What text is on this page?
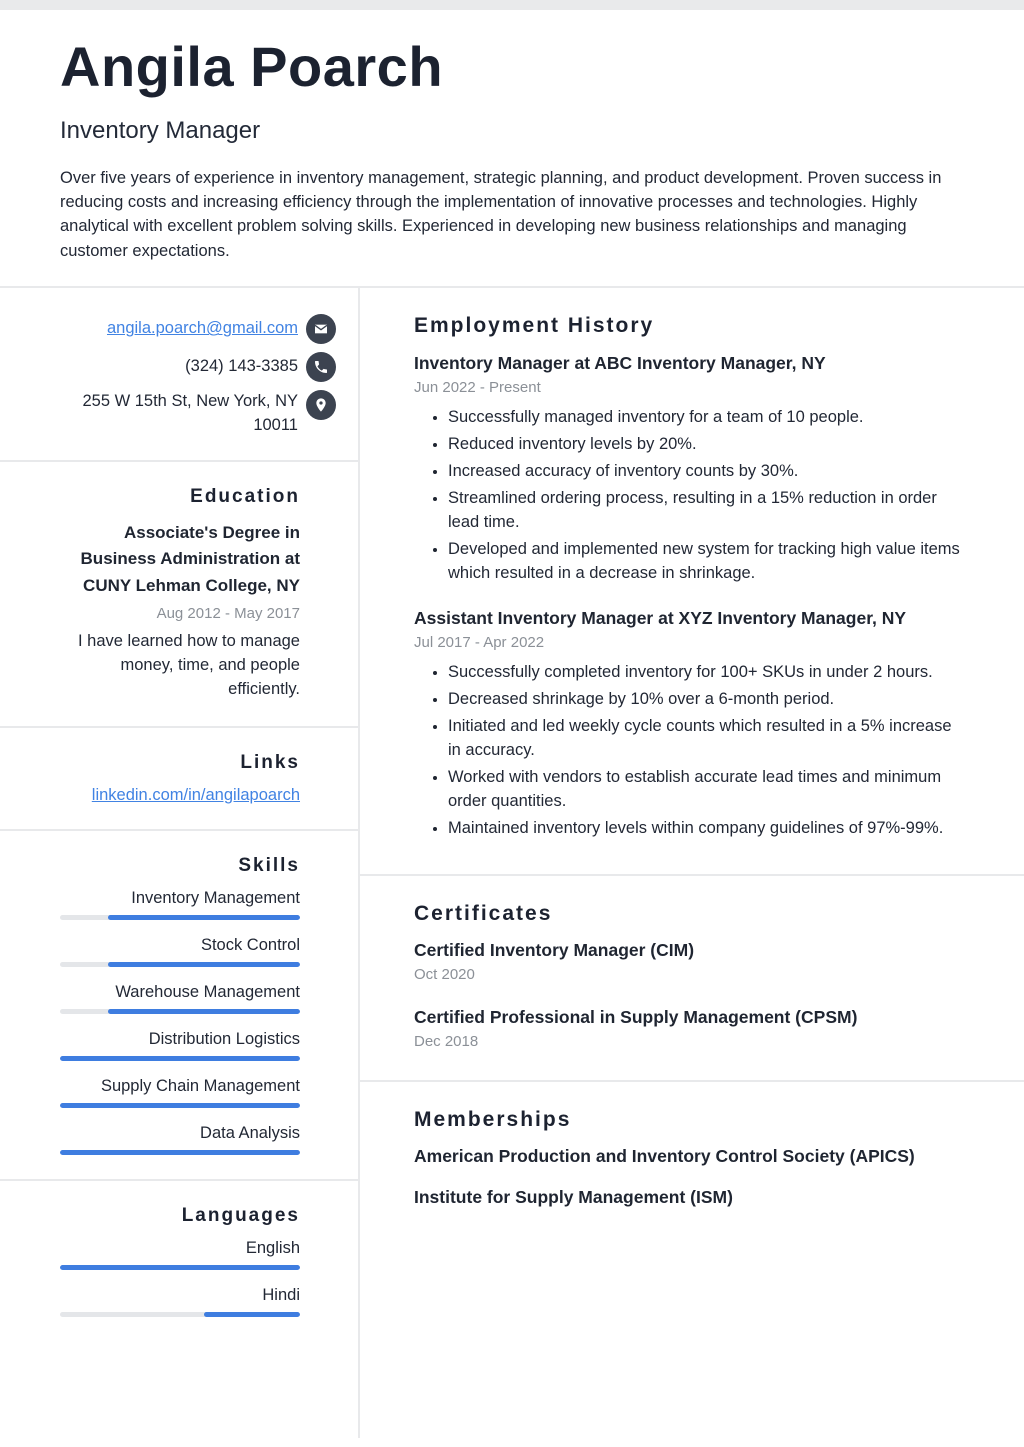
Angila Poarch
Inventory Manager

Over five years of experience in inventory management, strategic planning, and product development. Proven success in reducing costs and increasing efficiency through the implementation of innovative processes and technologies. Highly analytical with excellent problem solving skills. Experienced in developing new business relationships and managing customer expectations.

angila.poarch@gmail.com
(324) 143-3385
255 W 15th St, New York, NY 10011
Education
Associate's Degree in Business Administration at CUNY Lehman College, NY
Aug 2012 - May 2017
I have learned how to manage money, time, and people efficiently.
Links
linkedin.com/in/angilapoarch
Skills
Inventory Management
Stock Control
Warehouse Management
Distribution Logistics
Supply Chain Management
Data Analysis
Languages
English
Hindi
Employment History
Inventory Manager at ABC Inventory Manager, NY
Jun 2022 - Present
• Successfully managed inventory for a team of 10 people.
• Reduced inventory levels by 20%.
• Increased accuracy of inventory counts by 30%.
• Streamlined ordering process, resulting in a 15% reduction in order lead time.
• Developed and implemented new system for tracking high value items which resulted in a decrease in shrinkage.
Assistant Inventory Manager at XYZ Inventory Manager, NY
Jul 2017 - Apr 2022
• Successfully completed inventory for 100+ SKUs in under 2 hours.
• Decreased shrinkage by 10% over a 6-month period.
• Initiated and led weekly cycle counts which resulted in a 5% increase in accuracy.
• Worked with vendors to establish accurate lead times and minimum order quantities.
• Maintained inventory levels within company guidelines of 97%-99%.
Certificates
Certified Inventory Manager (CIM)
Oct 2020
Certified Professional in Supply Management (CPSM)
Dec 2018
Memberships
American Production and Inventory Control Society (APICS)
Institute for Supply Management (ISM)
